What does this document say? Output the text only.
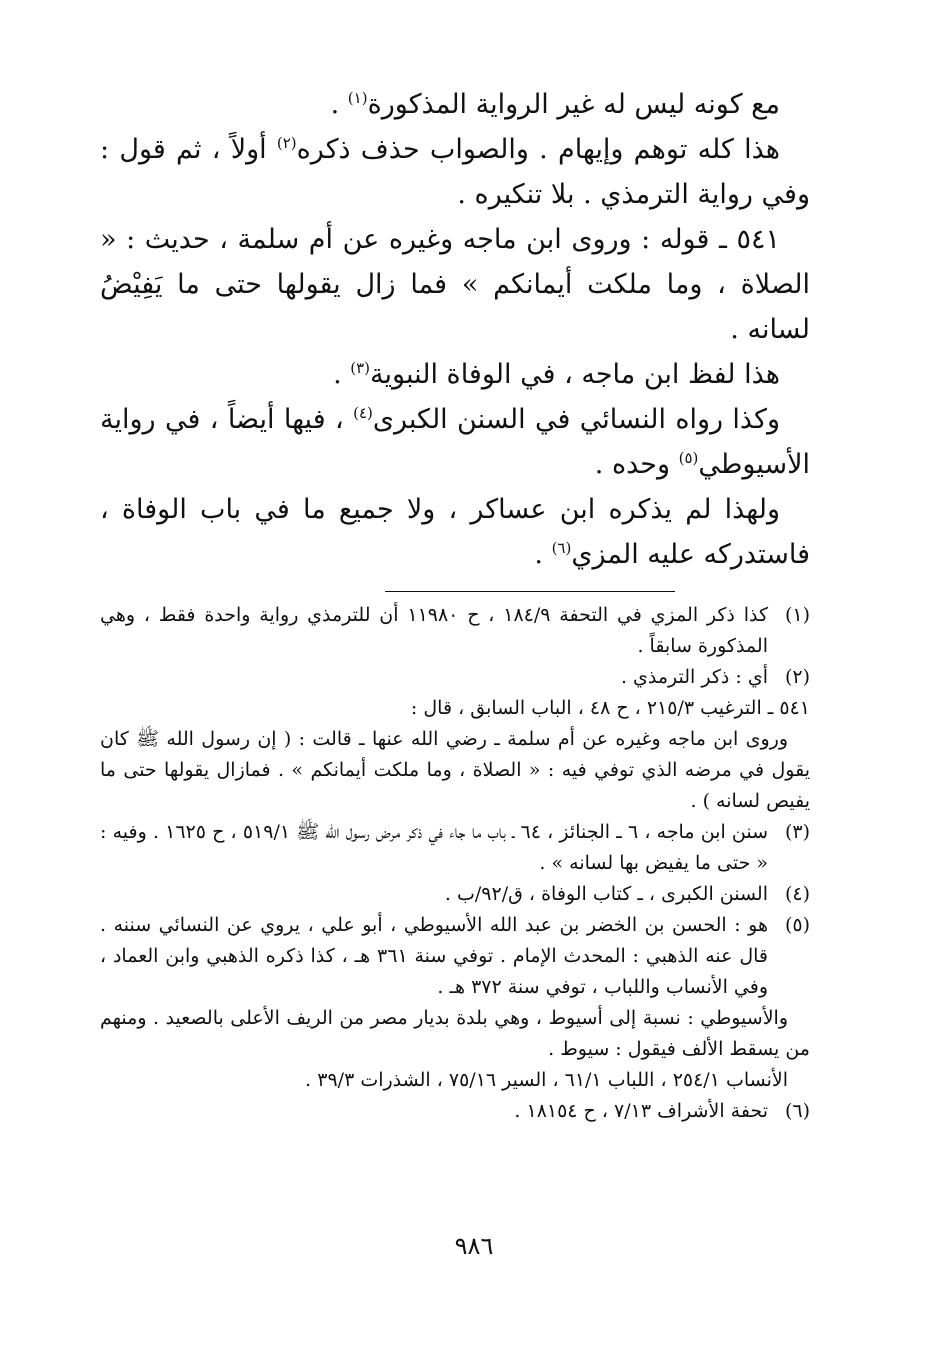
مع كونه ليس له غير الرواية المذكورة$^{(١)}$ .

هذا كله توهم وإيهام . والصواب حذف ذكره$^{(٢)}$ أولاً ، ثم قول : وفي رواية الترمذي . بلا تنكيره .

٥٤١ ـ قوله : وروى ابن ماجه وغيره عن أم سلمة ، حديث : « الصلاة ، وما ملكت أيمانكم » فما زال يقولها حتى ما يَفِيْضُ لسانه .

هذا لفظ ابن ماجه ، في الوفاة النبوية$^{(٣)}$ .

وكذا رواه النسائي في السنن الكبرى$^{(٤)}$ ، فيها أيضاً ، في رواية الأسيوطي$^{(٥)}$ وحده .

ولهذا لم يذكره ابن عساكر ، ولا جميع ما في باب الوفاة ، فاستدركه عليه المزي$^{(٦)}$ .

(١)

كذا ذكر المزي في التحفة ١٨٤/٩ ، ح ١١٩٨٠ أن للترمذي رواية واحدة فقط ، وهي المذكورة سابقاً .

(٢)

أي : ذكر الترمذي .

٥٤١ ـ الترغيب ٢١٥/٣ ، ح ٤٨ ، الباب السابق ، قال :

وروى ابن ماجه وغيره عن أم سلمة ـ رضي الله عنها ـ قالت : ( إن رسول الله ﷺ كان يقول في مرضه الذي توفي فيه : « الصلاة ، وما ملكت أيمانكم » . فمازال يقولها حتى ما يفيص لسانه ) .

(٣)

سنن ابن ماجه ، ٦ ـ الجنائز ، ٦٤ ـ باب ما جاء في ذكر مرض رسول الله ﷺ ٥١٩/١ ، ح ١٦٢٥ . وفيه : « حتى ما يفيض بها لسانه » .

(٤)

السنن الكبرى ، ـ كتاب الوفاة ، ق/٩٢/ب .

(٥)

هو : الحسن بن الخضر بن عبد الله الأسيوطي ، أبو علي ، يروي عن النسائي سننه . قال عنه الذهبي : المحدث الإمام . توفي سنة ٣٦١ هـ ، كذا ذكره الذهبي وابن العماد ، وفي الأنساب واللباب ، توفي سنة ٣٧٢ هـ .

والأسيوطي : نسبة إلى أسيوط ، وهي بلدة بديار مصر من الريف الأعلى بالصعيد . ومنهم من يسقط الألف فيقول : سيوط .

الأنساب ٢٥٤/١ ، اللباب ٦١/١ ، السير ٧٥/١٦ ، الشذرات ٣٩/٣ .

(٦)

تحفة الأشراف ٧/١٣ ، ح ١٨١٥٤ .

٩٨٦
